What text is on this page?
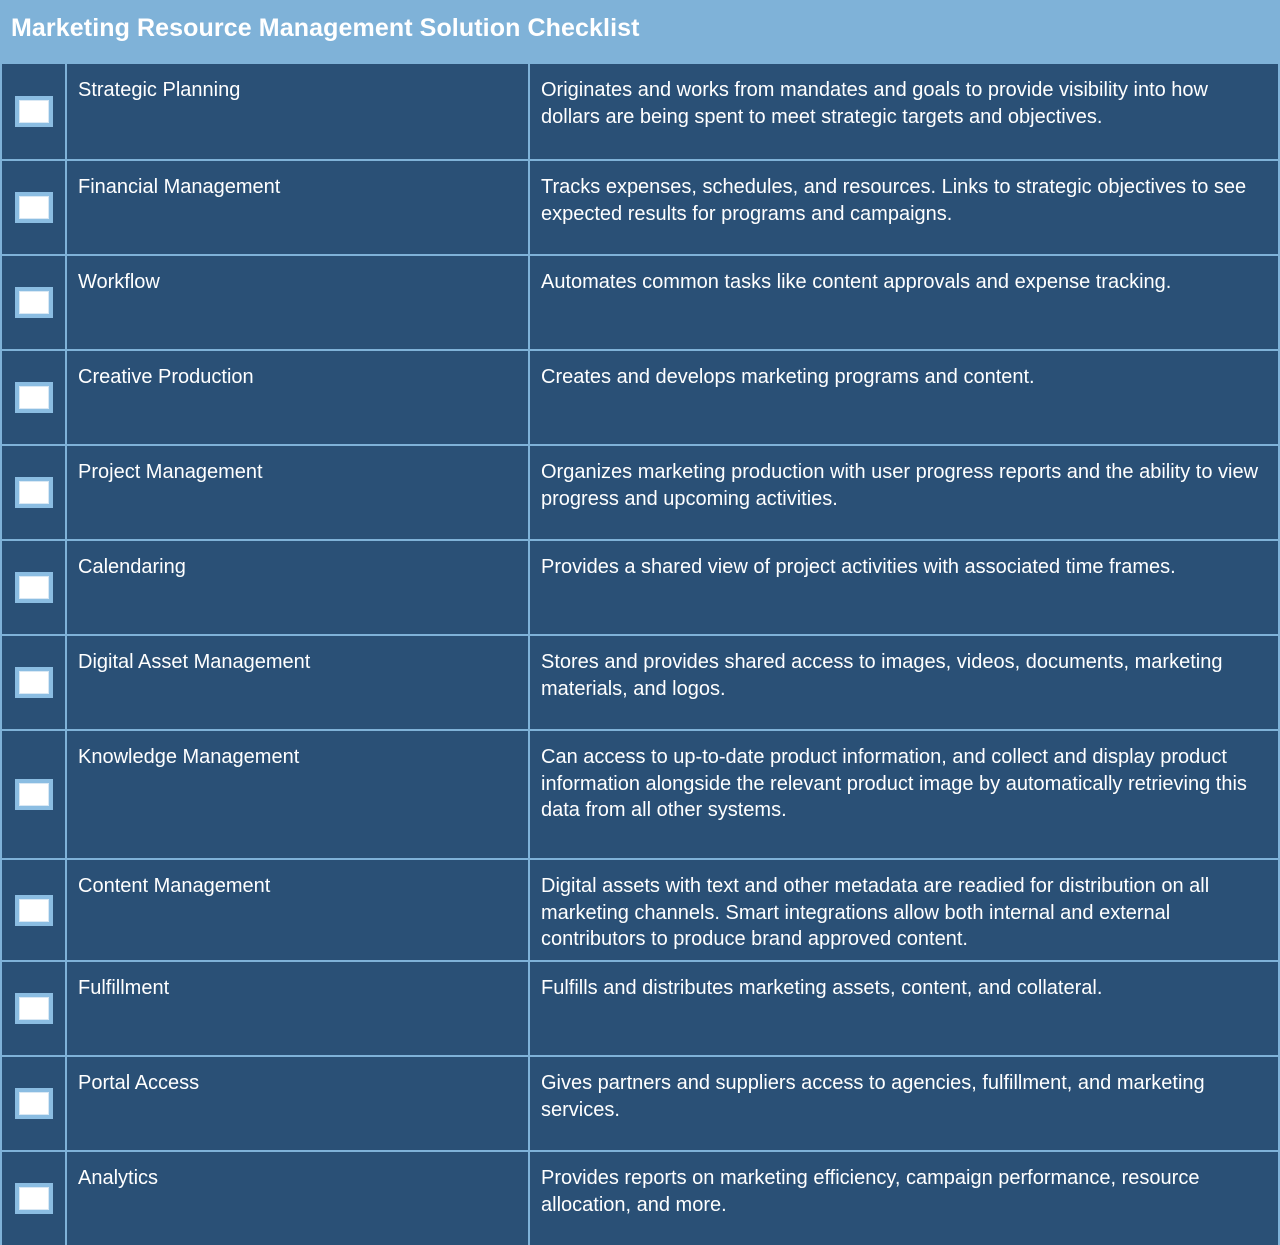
Marketing Resource Management Solution Checklist
Strategic Planning	Originates and works from mandates and goals to provide visibility into how dollars are being spent to meet strategic targets and objectives.
Financial Management	Tracks expenses, schedules, and resources. Links to strategic objectives to see expected results for programs and campaigns.
Workflow	Automates common tasks like content approvals and expense tracking.
Creative Production	Creates and develops marketing programs and content.
Project Management	Organizes marketing production with user progress reports and the ability to view progress and upcoming activities.
Calendaring	Provides a shared view of project activities with associated time frames.
Digital Asset Management	Stores and provides shared access to images, videos, documents, marketing materials, and logos.
Knowledge Management	Can access to up-to-date product information, and collect and display product information alongside the relevant product image by automatically retrieving this data from all other systems.
Content Management	Digital assets with text and other metadata are readied for distribution on all marketing channels. Smart integrations allow both internal and external contributors to produce brand approved content.
Fulfillment	Fulfills and distributes marketing assets, content, and collateral.
Portal Access	Gives partners and suppliers access to agencies, fulfillment, and marketing services.
Analytics	Provides reports on marketing efficiency, campaign performance, resource allocation, and more.
